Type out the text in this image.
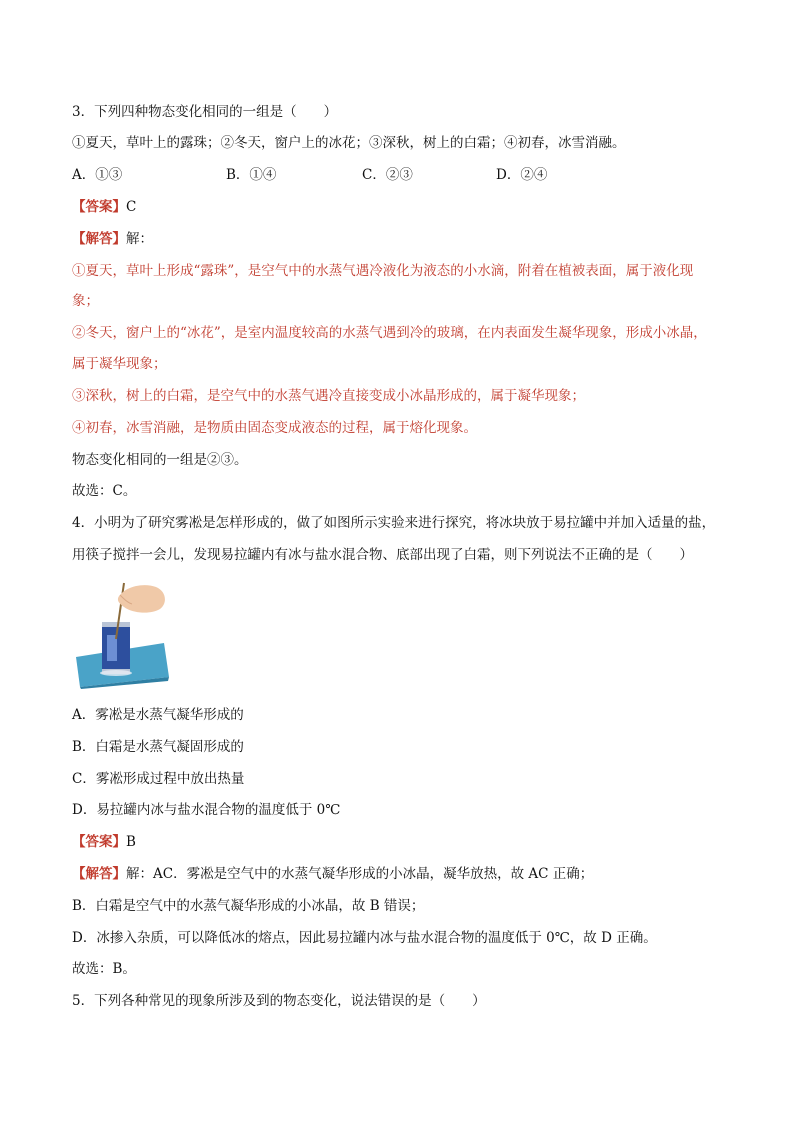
3．下列四种物态变化相同的一组是（　　）
①夏天，草叶上的露珠；②冬天，窗户上的冰花；③深秋，树上的白霜；④初春，冰雪消融。
A．①③	B．①④	C．②③	D．②④
【答案】C
【解答】解：
①夏天，草叶上形成“露珠”，是空气中的水蒸气遇冷液化为液态的小水滴，附着在植被表面，属于液化现
象；
②冬天，窗户上的“冰花”，是室内温度较高的水蒸气遇到冷的玻璃，在内表面发生凝华现象，形成小冰晶，
属于凝华现象；
③深秋，树上的白霜，是空气中的水蒸气遇冷直接变成小冰晶形成的，属于凝华现象；
④初春，冰雪消融，是物质由固态变成液态的过程，属于熔化现象。
物态变化相同的一组是②③。
故选：C。
4．小明为了研究雾凇是怎样形成的，做了如图所示实验来进行探究，将冰块放于易拉罐中并加入适量的盐，
用筷子搅拌一会儿，发现易拉罐内有冰与盐水混合物、底部出现了白霜，则下列说法不正确的是（　　）
A．雾凇是水蒸气凝华形成的
B．白霜是水蒸气凝固形成的
C．雾凇形成过程中放出热量
D．易拉罐内冰与盐水混合物的温度低于 0℃
【答案】B
【解答】解：AC．雾凇是空气中的水蒸气凝华形成的小冰晶，凝华放热，故 AC 正确；
B．白霜是空气中的水蒸气凝华形成的小冰晶，故 B 错误；
D．冰掺入杂质，可以降低冰的熔点，因此易拉罐内冰与盐水混合物的温度低于 0℃，故 D 正确。
故选：B。
5．下列各种常见的现象所涉及到的物态变化，说法错误的是（　　）
